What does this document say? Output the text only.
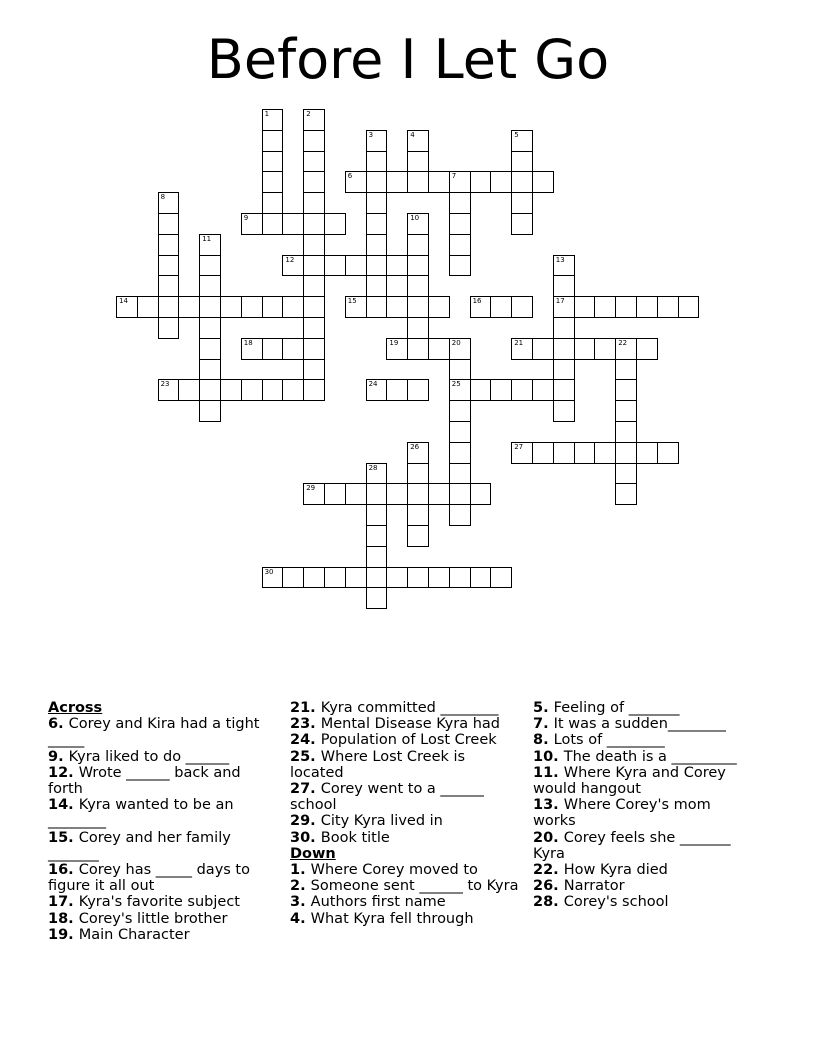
Before I Let Go
1	2
3	4	5
6	7
8
9	10
11
12	13
17
14	15	16
18	19	20
25
21	22
23	24
26	27
28
29
30
Across
6. Corey and Kira had a tight _____
9. Kyra liked to do ______
12. Wrote ______ back and forth
14. Kyra wanted to be an ________
15. Corey and her family _______
16. Corey has _____ days to figure it all out
17. Kyra's favorite subject
18. Corey's little brother
19. Main Character
21. Kyra committed ________
23. Mental Disease Kyra had
24. Population of Lost Creek
25. Where Lost Creek is located
27. Corey went to a ______ school
29. City Kyra lived in
30. Book title
Down
1. Where Corey moved to
2. Someone sent ______ to Kyra
3. Authors first name
4. What Kyra fell through
5. Feeling of _______
7. It was a sudden________
8. Lots of ________
10. The death is a _________
11. Where Kyra and Corey would hangout
13. Where Corey's mom works
20. Corey feels she _______ Kyra
22. How Kyra died
26. Narrator
28. Corey's school
